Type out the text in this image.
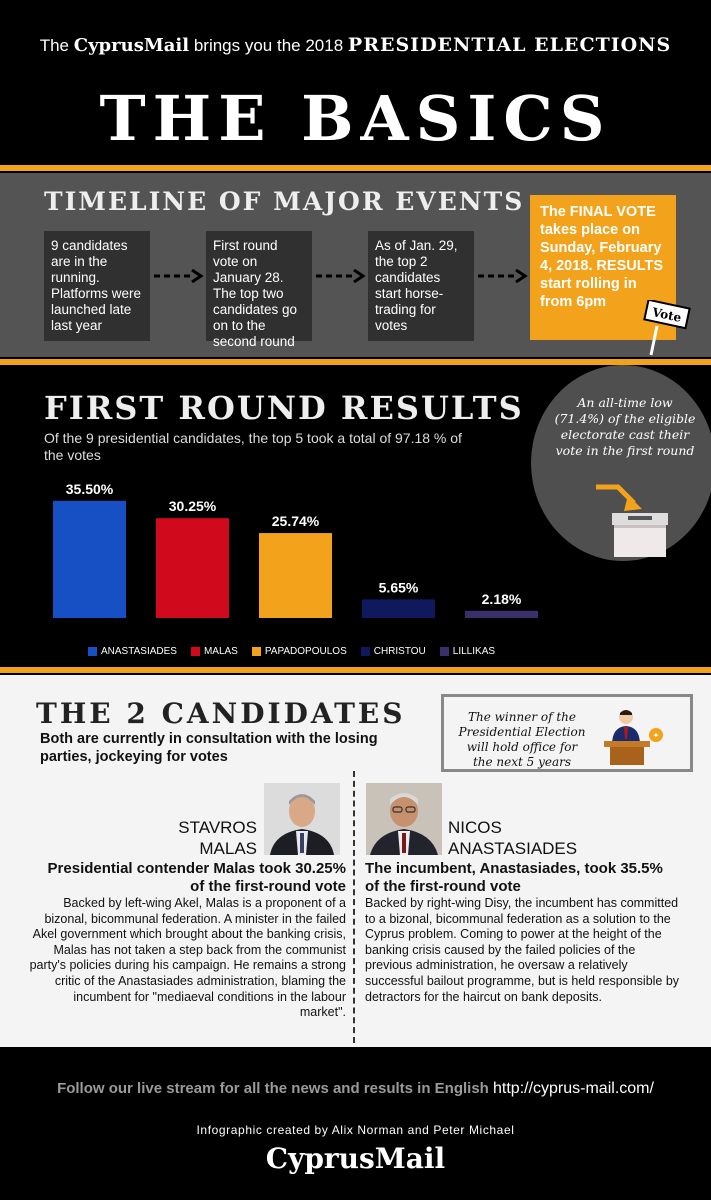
The CyprusMail brings you the 2018 PRESIDENTIAL ELECTIONS
THE BASICS
TIMELINE OF MAJOR EVENTS
9 candidates are in the running. Platforms were launched late last year
First round vote on January 28. The top two candidates go on to the second round
As of Jan. 29, the top 2 candidates start horse-trading for votes
The FINAL VOTE takes place on Sunday, February 4, 2018. RESULTS start rolling in from 6pm
Vote
An all-time low (71.4%) of the eligible electorate cast their vote in the first round
FIRST ROUND RESULTS
Of the 9 presidential candidates, the top 5 took a total of 97.18 % of the votes
35.50%
30.25%
25.74%
5.65%
2.18%
ANASTASIADES	MALAS	PAPADOPOULOS	CHRISTOU	LILLIKAS
THE 2 CANDIDATES
Both are currently in consultation with the losing parties, jockeying for votes
The winner of the Presidential Election will hold office for the next 5 years
✦
STAVROS
MALAS
Presidential contender Malas took 30.25% of the first-round vote
Backed by left-wing Akel, Malas is a proponent of a bizonal, bicommunal federation. A minister in the failed Akel government which brought about the banking crisis, Malas has not taken a step back from the communist party's policies during his campaign. He remains a strong critic of the Anastasiades administration, blaming the incumbent for "mediaeval conditions in the labour market".
NICOS
ANASTASIADES
The incumbent, Anastasiades, took 35.5% of the first-round vote
Backed by right-wing Disy, the incumbent has committed to a bizonal, bicommunal federation as a solution to the Cyprus problem. Coming to power at the height of the banking crisis caused by the failed policies of the previous administration, he oversaw a relatively successful bailout programme, but is held responsible by detractors for the haircut on bank deposits.
Follow our live stream for all the news and results in English http://cyprus-mail.com/
Infographic created by Alix Norman and Peter Michael
CyprusMail
